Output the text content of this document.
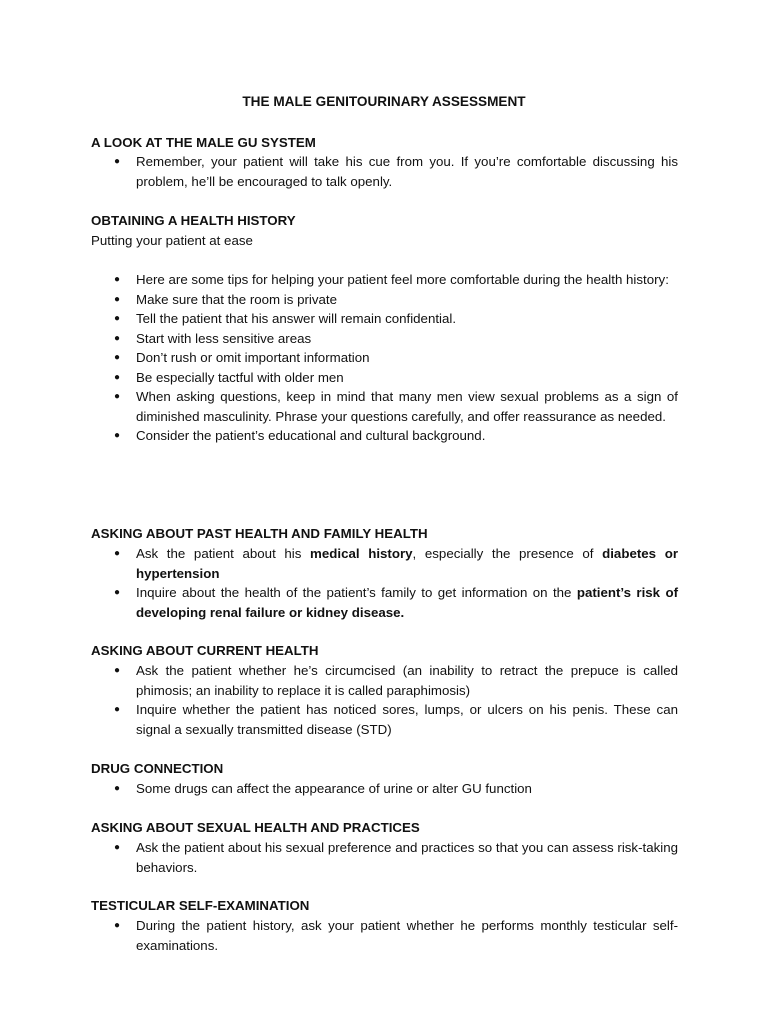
THE MALE GENITOURINARY ASSESSMENT

A LOOK AT THE MALE GU SYSTEM

● Remember, your patient will take his cue from you. If you’re comfortable discussing his problem, he’ll be encouraged to talk openly.

OBTAINING A HEALTH HISTORY

Putting your patient at ease

● Here are some tips for helping your patient feel more comfortable during the health history:
● Make sure that the room is private
● Tell the patient that his answer will remain confidential.
● Start with less sensitive areas
● Don’t rush or omit important information
● Be especially tactful with older men
● When asking questions, keep in mind that many men view sexual problems as a sign of diminished masculinity. Phrase your questions carefully, and offer reassurance as needed.
● Consider the patient’s educational and cultural background.

ASKING ABOUT PAST HEALTH AND FAMILY HEALTH

● Ask the patient about his medical history, especially the presence of diabetes or hypertension
● Inquire about the health of the patient’s family to get information on the patient’s risk of developing renal failure or kidney disease.

ASKING ABOUT CURRENT HEALTH

● Ask the patient whether he’s circumcised (an inability to retract the prepuce is called phimosis; an inability to replace it is called paraphimosis)
● Inquire whether the patient has noticed sores, lumps, or ulcers on his penis. These can signal a sexually transmitted disease (STD)

DRUG CONNECTION

● Some drugs can affect the appearance of urine or alter GU function

ASKING ABOUT SEXUAL HEALTH AND PRACTICES

● Ask the patient about his sexual preference and practices so that you can assess risk-taking behaviors.

TESTICULAR SELF-EXAMINATION

● During the patient history, ask your patient whether he performs monthly testicular self-examinations.
